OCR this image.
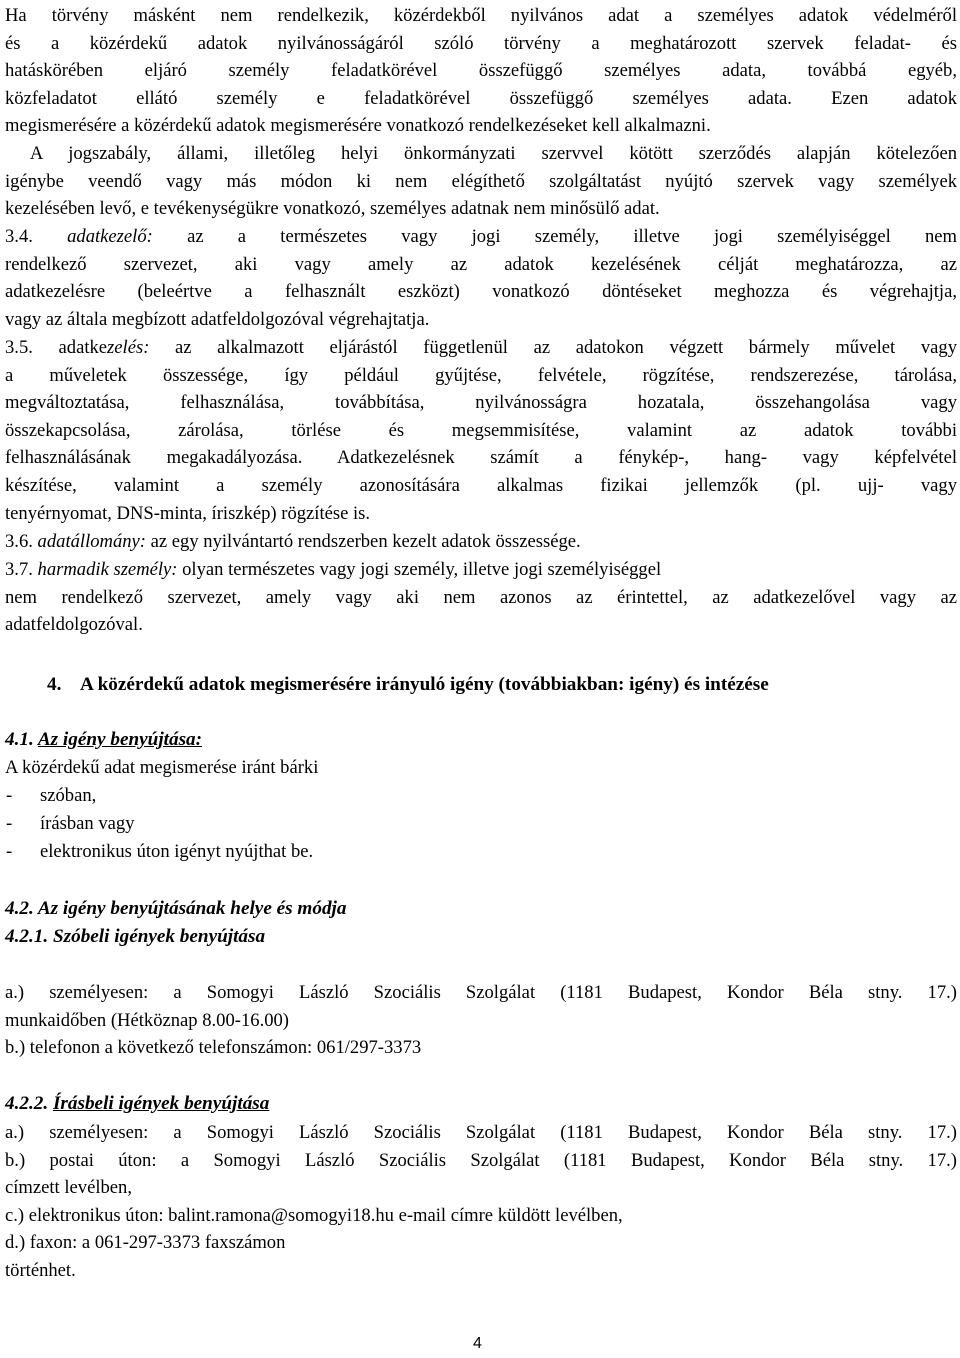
Ha törvény másként nem rendelkezik, közérdekből nyilvános adat a személyes adatok védelméről
és a közérdekű adatok nyilvánosságáról szóló törvény a meghatározott szervek feladat- és
hatáskörében eljáró személy feladatkörével összefüggő személyes adata, továbbá egyéb,
közfeladatot ellátó személy e feladatkörével összefüggő személyes adata. Ezen adatok
megismerésére a közérdekű adatok megismerésére vonatkozó rendelkezéseket kell alkalmazni.
A jogszabály, állami, illetőleg helyi önkormányzati szervvel kötött szerződés alapján kötelezően
igénybe veendő vagy más módon ki nem elégíthető szolgáltatást nyújtó szervek vagy személyek
kezelésében levő, e tevékenységükre vonatkozó, személyes adatnak nem minősülő adat.
3.4. adatkezelő: az a természetes vagy jogi személy, illetve jogi személyiséggel nem
rendelkező szervezet, aki vagy amely az adatok kezelésének célját meghatározza, az
adatkezelésre (beleértve a felhasznált eszközt) vonatkozó döntéseket meghozza és végrehajtja,
vagy az általa megbízott adatfeldolgozóval végrehajtatja.
3.5. adatkezelés: az alkalmazott eljárástól függetlenül az adatokon végzett bármely művelet vagy
a műveletek összessége, így például gyűjtése, felvétele, rögzítése, rendszerezése, tárolása,
megváltoztatása, felhasználása, továbbítása, nyilvánosságra hozatala, összehangolása vagy
összekapcsolása, zárolása, törlése és megsemmisítése, valamint az adatok további
felhasználásának megakadályozása. Adatkezelésnek számít a fénykép-, hang- vagy képfelvétel
készítése, valamint a személy azonosítására alkalmas fizikai jellemzők (pl. ujj- vagy
tenyérnyomat, DNS-minta, íriszkép) rögzítése is.
3.6. adatállomány: az egy nyilvántartó rendszerben kezelt adatok összessége.
3.7. harmadik személy: olyan természetes vagy jogi személy, illetve jogi személyiséggel
nem rendelkező szervezet, amely vagy aki nem azonos az érintettel, az adatkezelővel vagy az
adatfeldolgozóval.
4. A közérdekű adatok megismerésére irányuló igény (továbbiakban: igény) és intézése
4.1. Az igény benyújtása:
A közérdekű adat megismerése iránt bárki
- szóban,
- írásban vagy
- elektronikus úton igényt nyújthat be.
4.2. Az igény benyújtásának helye és módja
4.2.1. Szóbeli igények benyújtása
a.) személyesen: a Somogyi László Szociális Szolgálat (1181 Budapest, Kondor Béla stny. 17.)
munkaidőben (Hétköznap 8.00-16.00)
b.) telefonon a következő telefonszámon: 061/297-3373
4.2.2. Írásbeli igények benyújtása
a.) személyesen: a Somogyi László Szociális Szolgálat (1181 Budapest, Kondor Béla stny. 17.)
b.) postai úton: a Somogyi László Szociális Szolgálat (1181 Budapest, Kondor Béla stny. 17.)
címzett levélben,
c.) elektronikus úton: balint.ramona@somogyi18.hu e-mail címre küldött levélben,
d.) faxon: a 061-297-3373 faxszámon
történhet.
4
